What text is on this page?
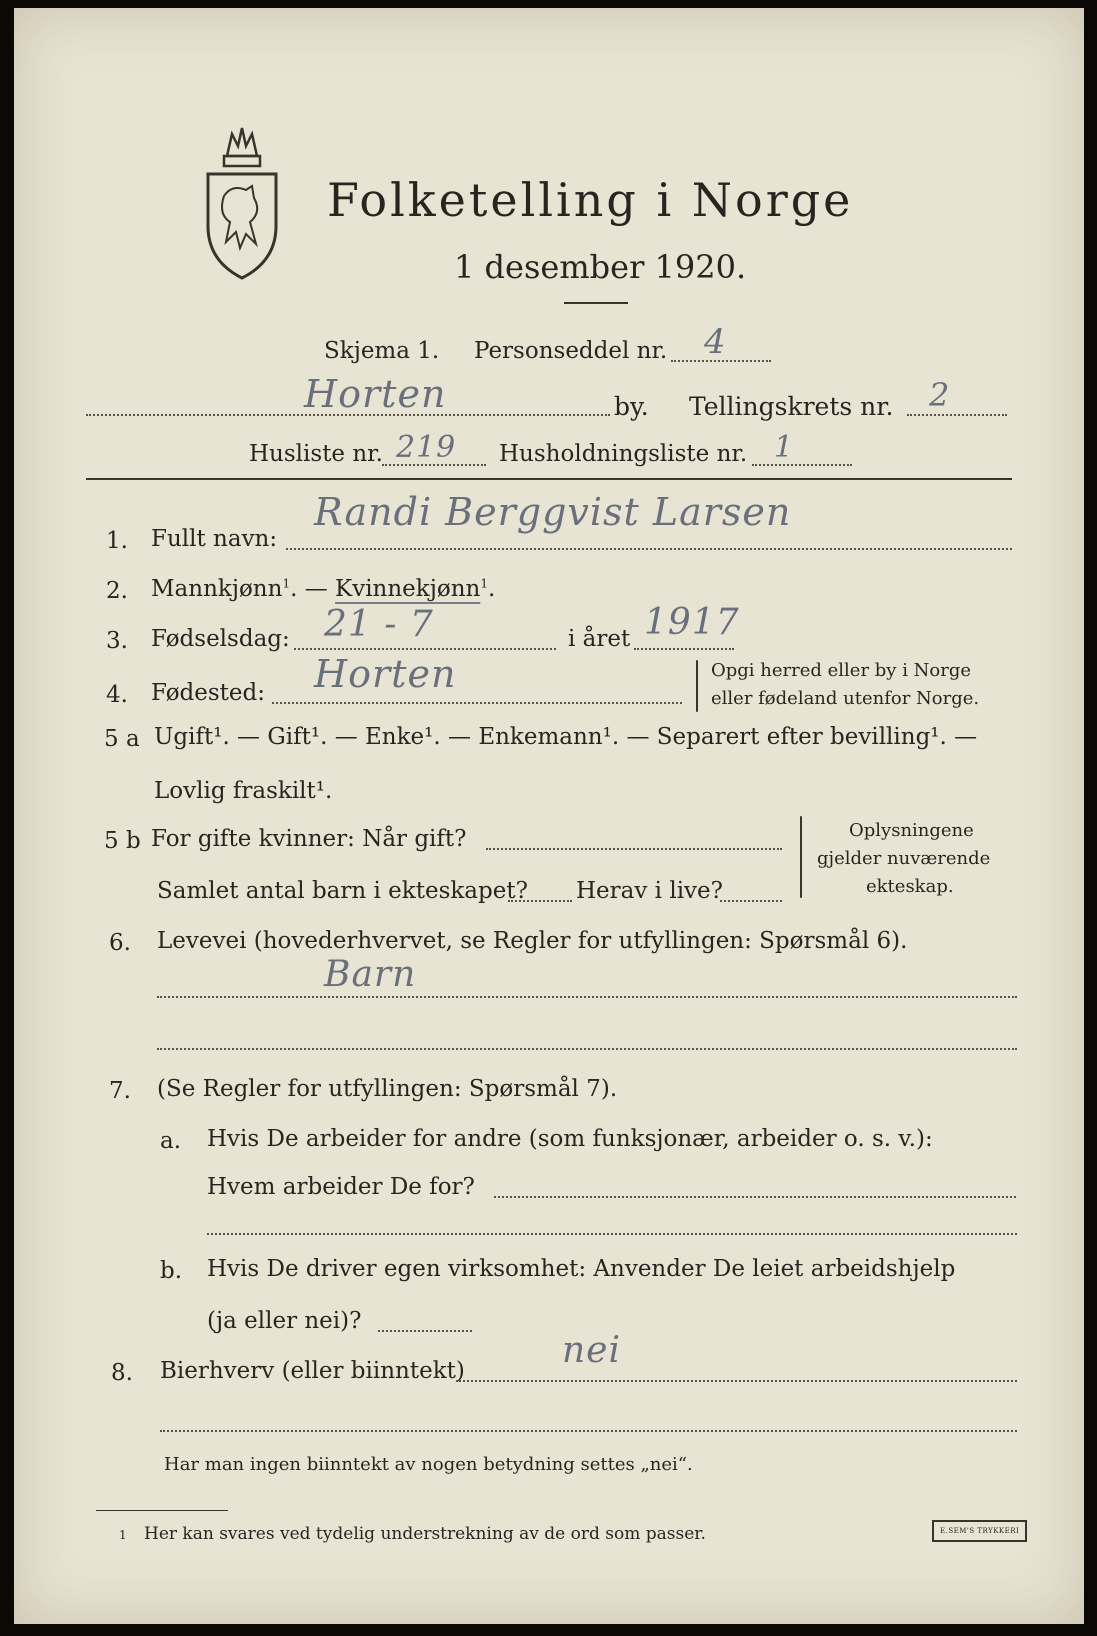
Folketelling i Norge
1 desember 1920.
Skjema 1. Personseddel nr. 4
Horten	by. Tellingskrets nr. 2
Husliste nr. 219 Husholdningsliste nr. 1
1. Fullt navn:
Randi Berggvist Larsen
2. Mannkjønn$^1$. — Kvinnekjønn$^1$.
3. Fødselsdag: 21 - 7	i året 1917
4. Fødested: Horten	Opgi herred eller by i Norge
eller fødeland utenfor Norge.
5 a Ugift¹. — Gift¹. — Enke¹. — Enkemann¹. — Separert efter bevilling¹. —
Lovlig fraskilt¹.
5 b For gifte kvinner: Når gift?
Samlet antal barn i ekteskapet? Herav i live?
Oplysningene
gjelder nuværende
ekteskap.
6. Levevei (hovederhvervet, se Regler for utfyllingen: Spørsmål 6).
Barn
7. (Se Regler for utfyllingen: Spørsmål 7).
a. Hvis De arbeider for andre (som funksjonær, arbeider o. s. v.):
Hvem arbeider De for?
b. Hvis De driver egen virksomhet: Anvender De leiet arbeidshjelp
(ja eller nei)?
8. Bierhverv (eller biinntekt)	nei
Har man ingen biinntekt av nogen betydning settes „nei“.
1 Her kan svares ved tydelig understrekning av de ord som passer.	E.SEM'S TRYKKERI
